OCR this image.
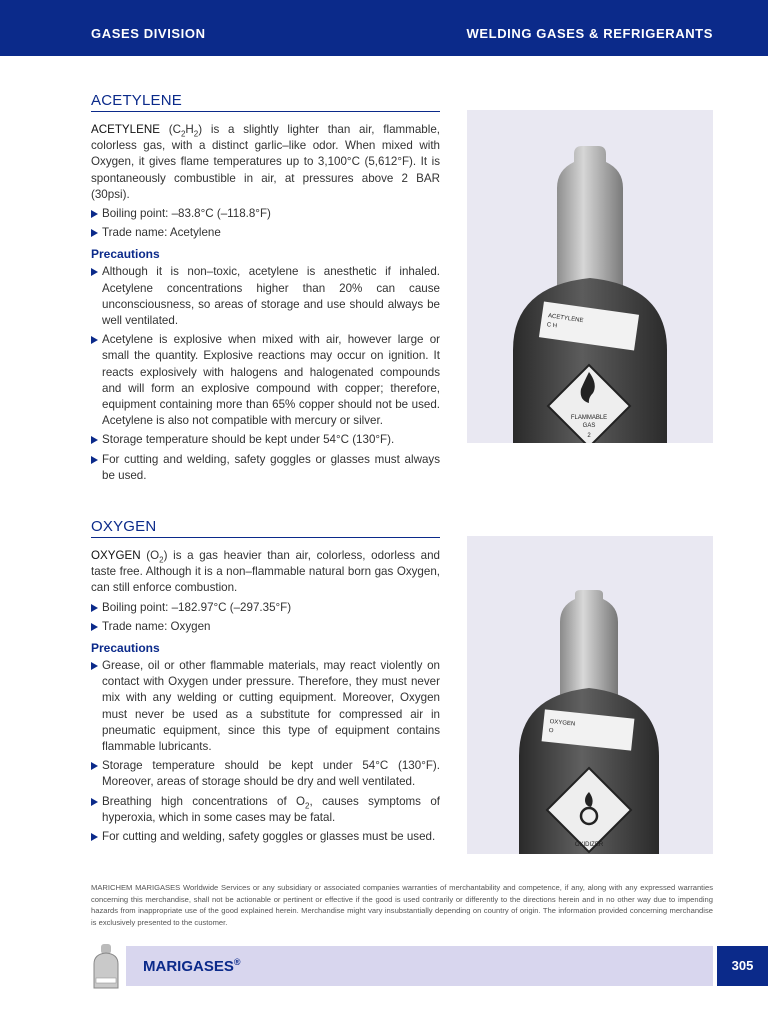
GASES DIVISION	WELDING GASES & REFRIGERANTS
ACETYLENE

ACETYLENE $(C_2H_2)$ is a slightly lighter than air, flammable, colorless gas, with a distinct garlic–like odor. When mixed with Oxygen, it gives flame temperatures up to 3,100°C (5,612°F). It is spontaneously combustible in air, at pressures above 2 BAR (30psi).

Boiling point: –83.8°C (–118.8°F)
Trade name: Acetylene
Precautions
Although it is non–toxic, acetylene is anesthetic if inhaled. Acetylene concentrations higher than 20% can cause unconsciousness, so areas of storage and use should always be well ventilated.
Acetylene is explosive when mixed with air, however large or small the quantity. Explosive reactions may occur on ignition. It reacts explosively with halogens and halogenated compounds and will form an explosive compound with copper; therefore, equipment containing more than 65% copper should not be used. Acetylene is also not compatible with mercury or silver.
Storage temperature should be kept under 54°C (130°F).
For cutting and welding, safety goggles or glasses must always be used.
ACETYLENE
C H
FLAMMABLE
GAS
2
OXYGEN

OXYGEN $(O_2)$ is a gas heavier than air, colorless, odorless and taste free. Although it is a non–flammable natural born gas Oxygen, can still enforce combustion.

Boiling point: –182.97°C (–297.35°F)
Trade name: Oxygen
Precautions
Grease, oil or other flammable materials, may react violently on contact with Oxygen under pressure. Therefore, they must never mix with any welding or cutting equipment. Moreover, Oxygen must never be used as a substitute for compressed air in pneumatic equipment, since this type of equipment contains flammable lubricants.
Storage temperature should be kept under 54°C (130°F). Moreover, areas of storage should be dry and well ventilated.
Breathing high concentrations of $O_2$, causes symptoms of hyperoxia, which in some cases may be fatal.
For cutting and welding, safety goggles or glasses must be used.
OXYGEN
O
OXIDIZER

MARICHEM MARIGASES Worldwide Services or any subsidiary or associated companies warranties of merchantability and competence, if any, along with any expressed warranties concerning this merchandise, shall not be actionable or pertinent or effective if the good is used contrarily or differently to the directions herein and in no other way due to impending hazards from inappropriate use of the good explained herein. Merchandise might vary insubstantially depending on country of origin. The information provided concerning merchandise is exclusively presented to the customer.

MARIGASES®	305
